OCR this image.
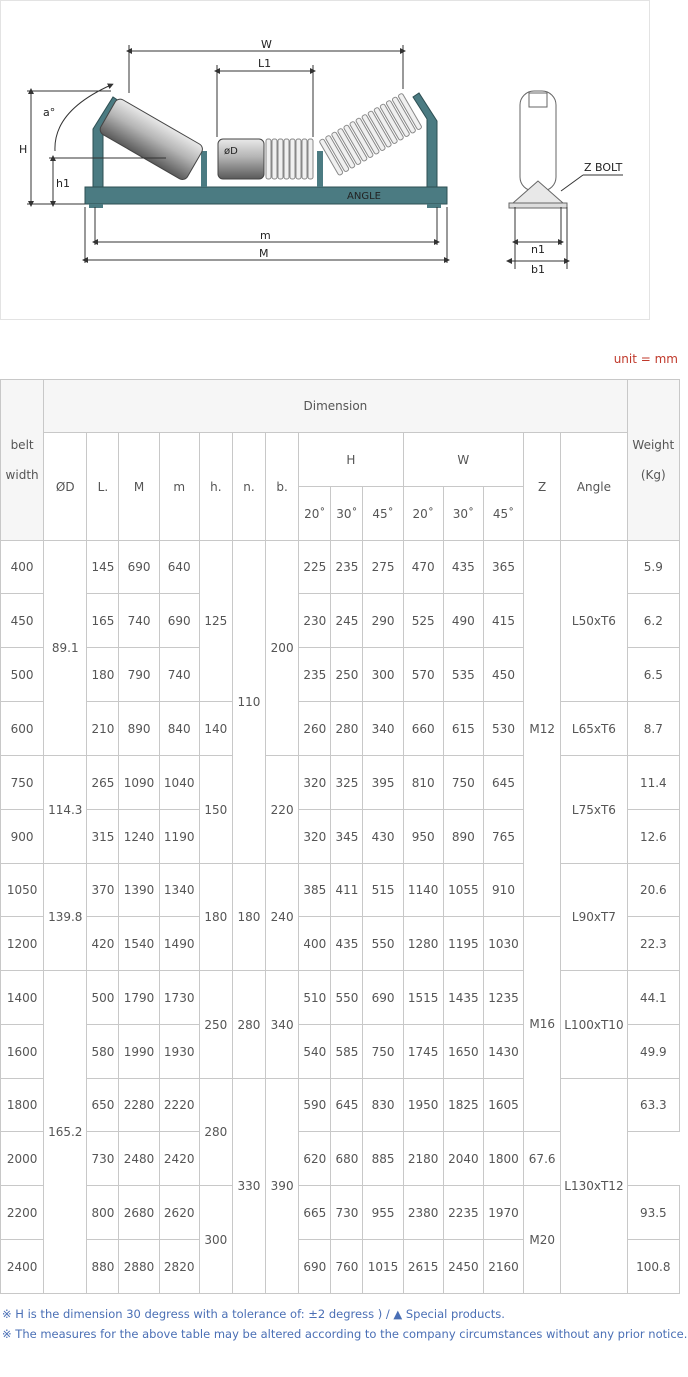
W
L1
a°
H
h1
øD
ANGLE
m
M
Z BOLT
n1
b1
unit = mm
belt
width	Dimension															Weight
(Kg)
	ØD	L.	M	m	h.	n.	b.	H			W			Z	Angle	
								20˚	30˚	45˚	20˚	30˚	45˚			
400	89.1	145	690	640	125	110	200	225	235	275	470	435	365	M12	L50xT6	5.9
450		165	740	690				230	245	290	525	490	415			6.2
500		180	790	740				235	250	300	570	535	450			6.5
600		210	890	840	140			260	280	340	660	615	530		L65xT6	8.7
750	114.3	265	1090	1040	150		220	320	325	395	810	750	645		L75xT6	11.4
900		315	1240	1190				320	345	430	950	890	765			12.6
1050	139.8	370	1390	1340	180	180	240	385	411	515	1140	1055	910		L90xT7	20.6
1200		420	1540	1490				400	435	550	1280	1195	1030	M16		22.3
1400	165.2	500	1790	1730	250	280	340	510	550	690	1515	1435	1235		L100xT10	44.1
1600		580	1990	1930				540	585	750	1745	1650	1430			49.9
1800		650	2280	2220	280	330	390	590	645	830	1950	1825	1605		L130xT12	63.3
2000		730	2480	2420				620	680	885	2180	2040	1800	67.6		
2200		800	2680	2620	300			665	730	955	2380	2235	1970	M20		93.5
2400		880	2880	2820				690	760	1015	2615	2450	2160			100.8
※ H is the dimension 30 degress with a tolerance of: ±2 degress ) / ▲ Special products.
※ The measures for the above table may be altered according to the company circumstances without any prior notice.
